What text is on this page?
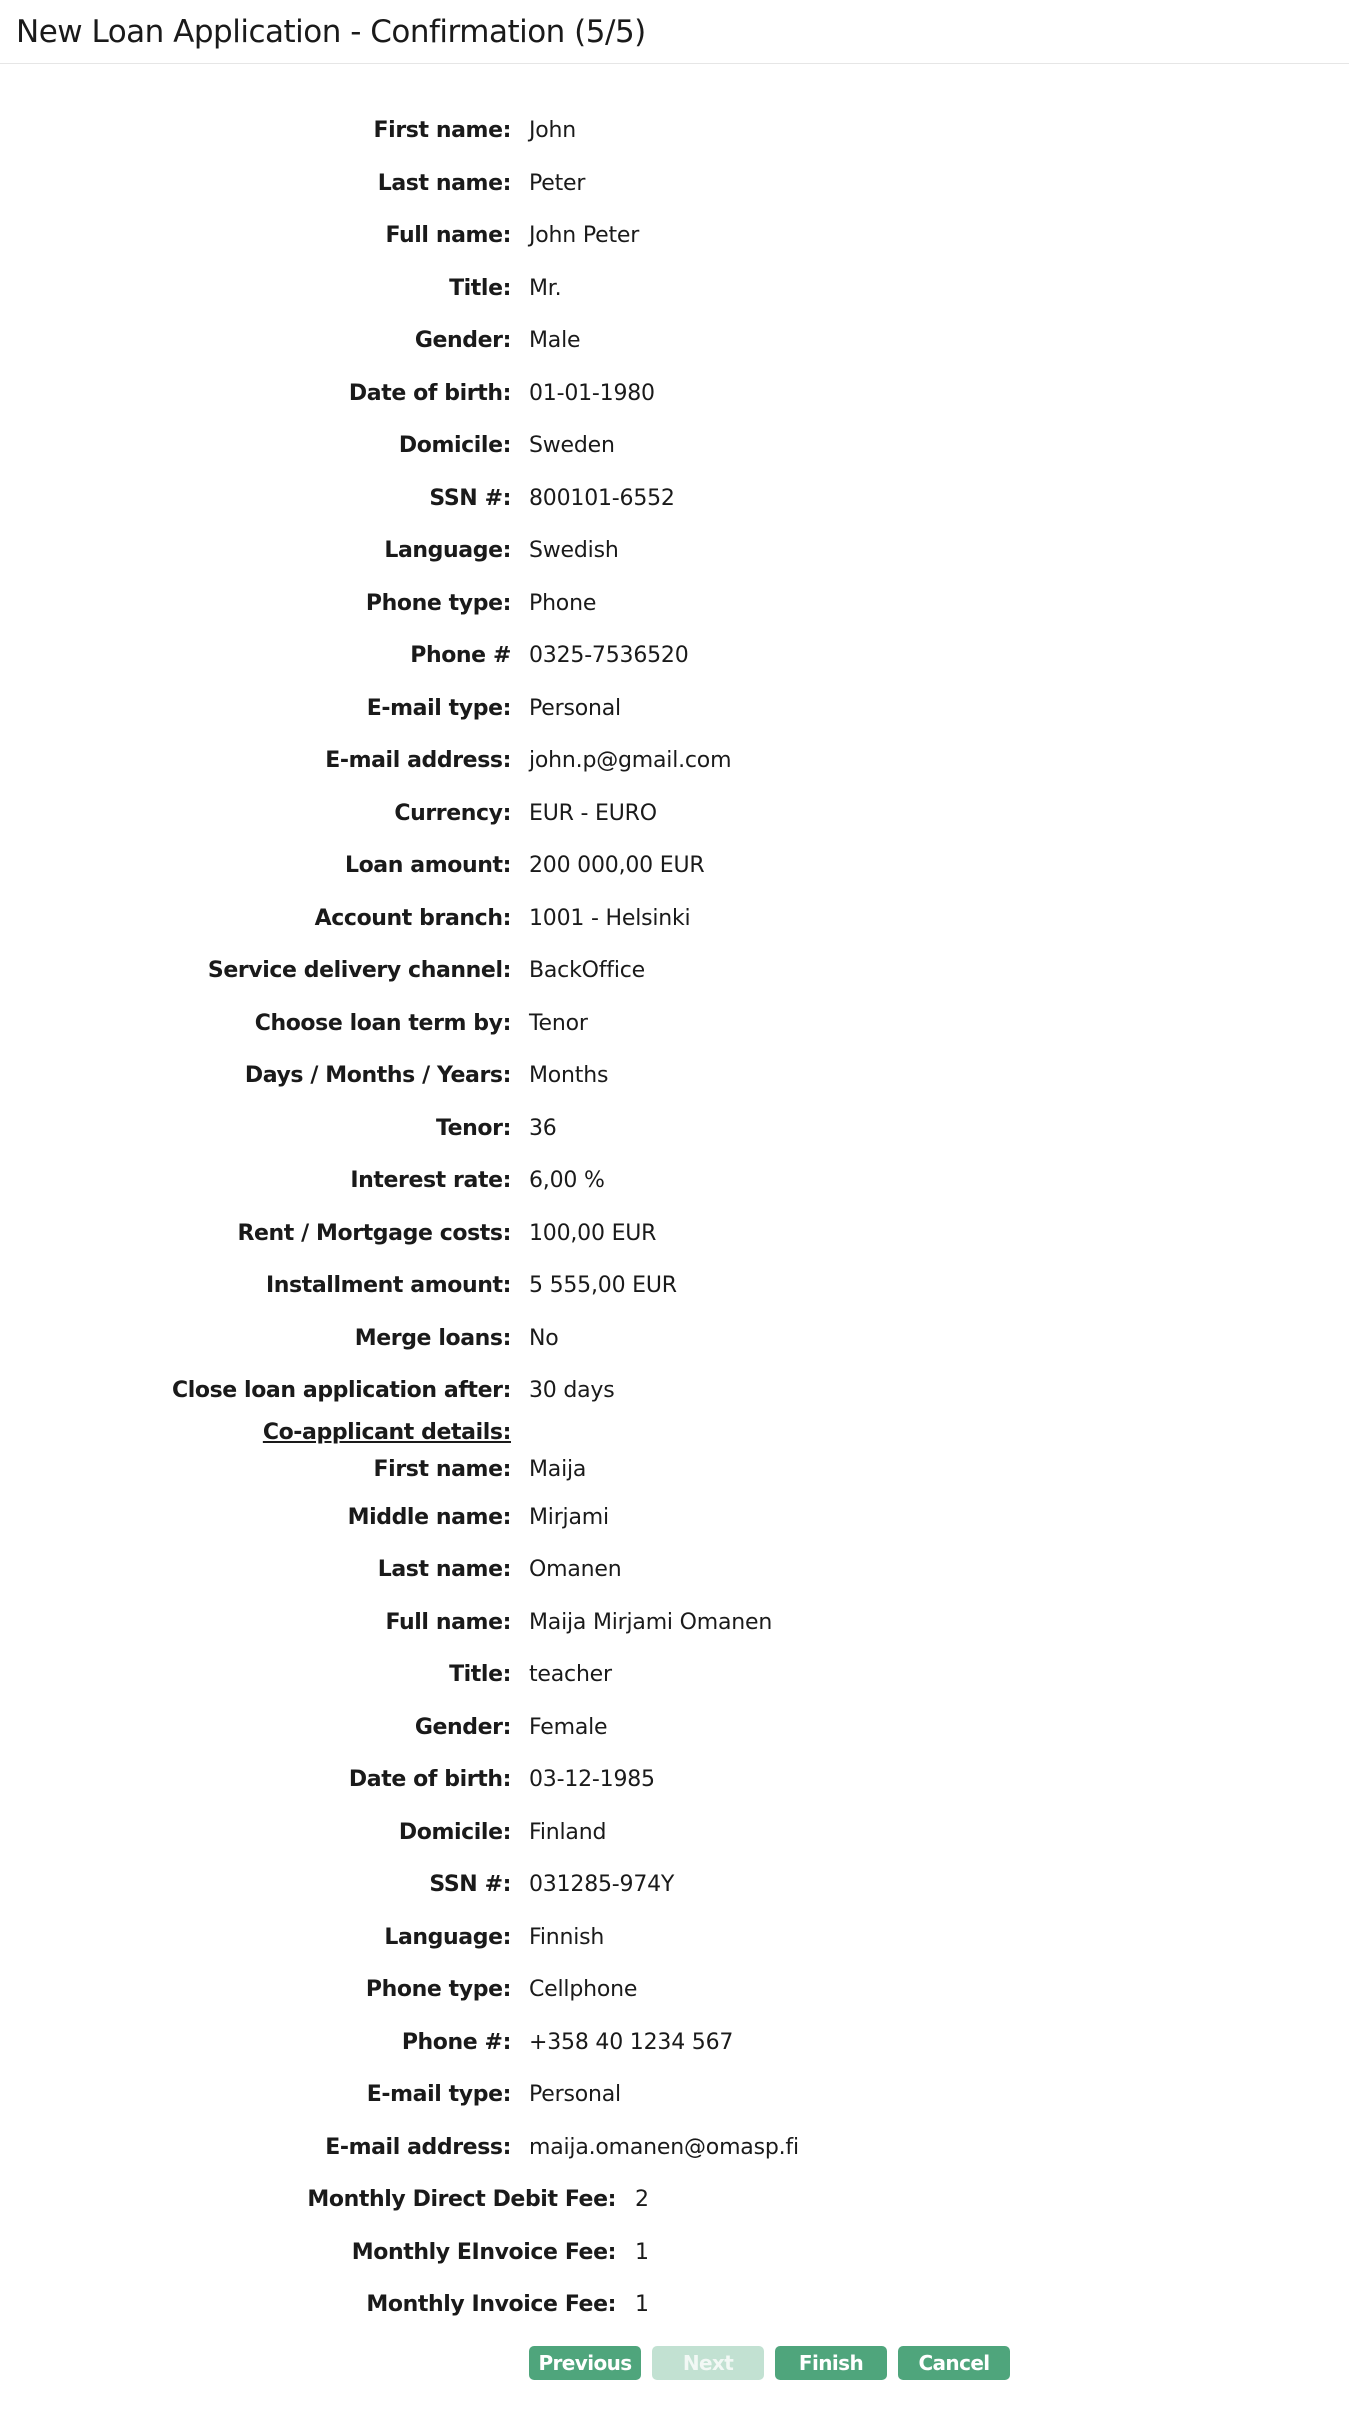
New Loan Application - Confirmation (5/5)
First name: John
Last name: Peter
Full name: John Peter
Title: Mr.
Gender: Male
Date of birth: 01-01-1980
Domicile: Sweden
SSN #: 800101-6552
Language: Swedish
Phone type: Phone
Phone # 0325-7536520
E-mail type: Personal
E-mail address: john.p@gmail.com
Currency: EUR - EURO
Loan amount: 200 000,00 EUR
Account branch: 1001 - Helsinki
Service delivery channel: BackOffice
Choose loan term by: Tenor
Days / Months / Years: Months
Tenor: 36
Interest rate: 6,00 %
Rent / Mortgage costs: 100,00 EUR
Installment amount: 5 555,00 EUR
Merge loans: No
Close loan application after: 30 days
Co-applicant details:
First name: Maija
Middle name: Mirjami
Last name: Omanen
Full name: Maija Mirjami Omanen
Title: teacher
Gender: Female
Date of birth: 03-12-1985
Domicile: Finland
SSN #: 031285-974Y
Language: Finnish
Phone type: Cellphone
Phone #: +358 40 1234 567
E-mail type: Personal
E-mail address: maija.omanen@omasp.fi
Monthly Direct Debit Fee: 2
Monthly EInvoice Fee: 1
Monthly Invoice Fee: 1
Previous	Next	Finish	Cancel
